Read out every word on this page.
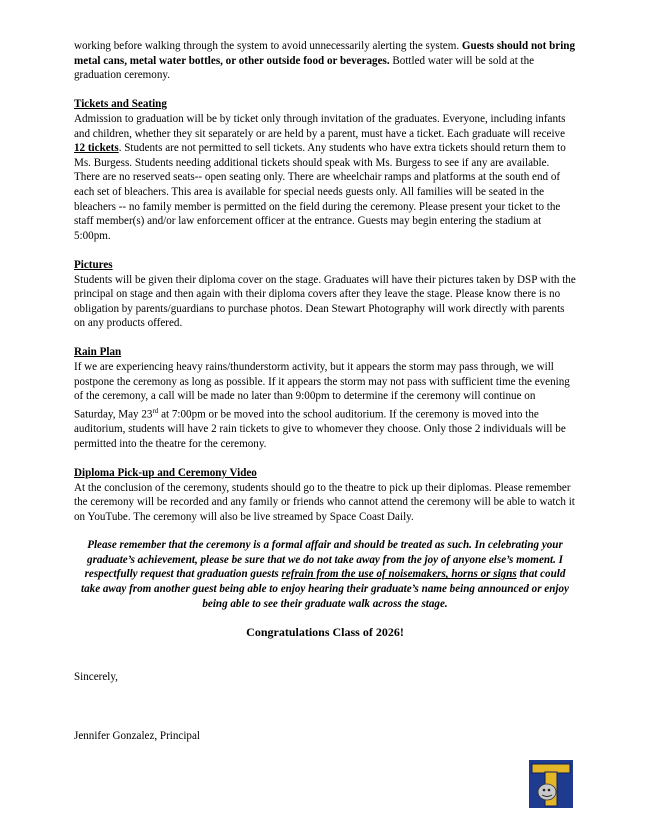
working before walking through the system to avoid unnecessarily alerting the system. Guests should not bring metal cans, metal water bottles, or other outside food or beverages. Bottled water will be sold at the graduation ceremony.

Tickets and Seating

Admission to graduation will be by ticket only through invitation of the graduates. Everyone, including infants and children, whether they sit separately or are held by a parent, must have a ticket. Each graduate will receive 12 tickets. Students are not permitted to sell tickets. Any students who have extra tickets should return them to Ms. Burgess. Students needing additional tickets should speak with Ms. Burgess to see if any are available. There are no reserved seats-- open seating only. There are wheelchair ramps and platforms at the south end of each set of bleachers. This area is available for special needs guests only. All families will be seated in the bleachers -- no family member is permitted on the field during the ceremony. Please present your ticket to the staff member(s) and/or law enforcement officer at the entrance. Guests may begin entering the stadium at 5:00pm.

Pictures

Students will be given their diploma cover on the stage. Graduates will have their pictures taken by DSP with the principal on stage and then again with their diploma covers after they leave the stage. Please know there is no obligation by parents/guardians to purchase photos. Dean Stewart Photography will work directly with parents on any products offered.

Rain Plan

If we are experiencing heavy rains/thunderstorm activity, but it appears the storm may pass through, we will postpone the ceremony as long as possible. If it appears the storm may not pass with sufficient time the evening of the ceremony, a call will be made no later than 9:00pm to determine if the ceremony will continue on Saturday, May 23rd at 7:00pm or be moved into the school auditorium. If the ceremony is moved into the auditorium, students will have 2 rain tickets to give to whomever they choose. Only those 2 individuals will be permitted into the theatre for the ceremony.

Diploma Pick-up and Ceremony Video

At the conclusion of the ceremony, students should go to the theatre to pick up their diplomas. Please remember the ceremony will be recorded and any family or friends who cannot attend the ceremony will be able to watch it on YouTube. The ceremony will also be live streamed by Space Coast Daily.

Please remember that the ceremony is a formal affair and should be treated as such. In celebrating your graduate’s achievement, please be sure that we do not take away from the joy of anyone else’s moment. I respectfully request that graduation guests refrain from the use of noisemakers, horns or signs that could take away from another guest being able to enjoy hearing their graduate’s name being announced or enjoy being able to see their graduate walk across the stage.

Congratulations Class of 2026!

Sincerely,

Jennifer Gonzalez, Principal
